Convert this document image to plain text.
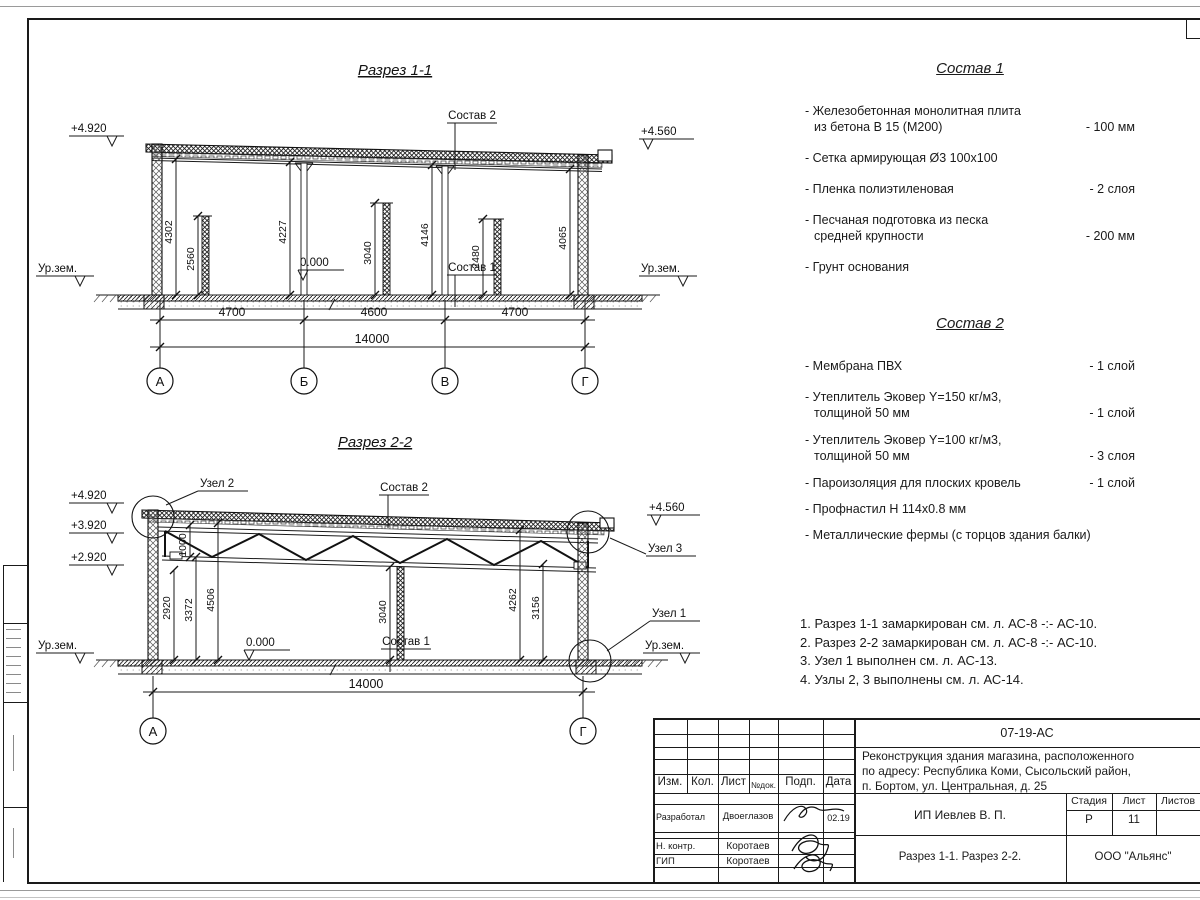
Разрез 1-1
4302
2560
4227
3040
4146
2480
4065
+4.920	+4.560
Ур.зем.	Ур.зем.
0.000
Состав 2
Состав 1
4700	4600	4700
14000
А	Б	В	Г
Разрез 2-2
Узел 2
Узел 3
Узел 1
+4.920
+3.920
+2.920
+4.560
Ур.зем.	Ур.зем.
0.000
Состав 2
Состав 1
1000
2920 3372 4506
3040
4262 3156
14000
А	Г
Состав 1
- Железобетонная монолитная плита
из бетона В 15 (М200)	- 100 мм
- Сетка армирующая Ø3 100х100
- Пленка полиэтиленовая	- 2 слоя
- Песчаная подготовка из песка
средней крупности	- 200 мм
- Грунт основания
Состав 2
- Мембрана ПВХ	- 1 слой
- Утеплитель Эковер Y=150 кг/м3,
толщиной 50 мм	- 1 слой
- Утеплитель Эковер Y=100 кг/м3,
толщиной 50 мм	- 3 слоя
- Пароизоляция для плоских кровель	- 1 слой
- Профнастил Н 114х0.8 мм
- Металлические фермы (с торцов здания балки)
1. Разрез 1-1 замаркирован см. л. АС-8 -:- АС-10.
2. Разрез 2-2 замаркирован см. л. АС-8 -:- АС-10.
3. Узел 1 выполнен см. л. АС-13.
4. Узлы 2, 3 выполнены см. л. АС-14.
Изм. Кол. Лист №док. Подп. Дата
Разработал	Двоеглазов	02.19
Н. контр.	Коротаев
ГИП	Коротаев
07-19-АС
Реконструкция здания магазина, расположенного
по адресу: Республика Коми, Сысольский район,
п. Бортом, ул. Центральная, д. 25
ИП Иевлев В. П.
Стадия	Лист	Листов
Р	11
Разрез 1-1. Разрез 2-2.	ООО "Альянс"
